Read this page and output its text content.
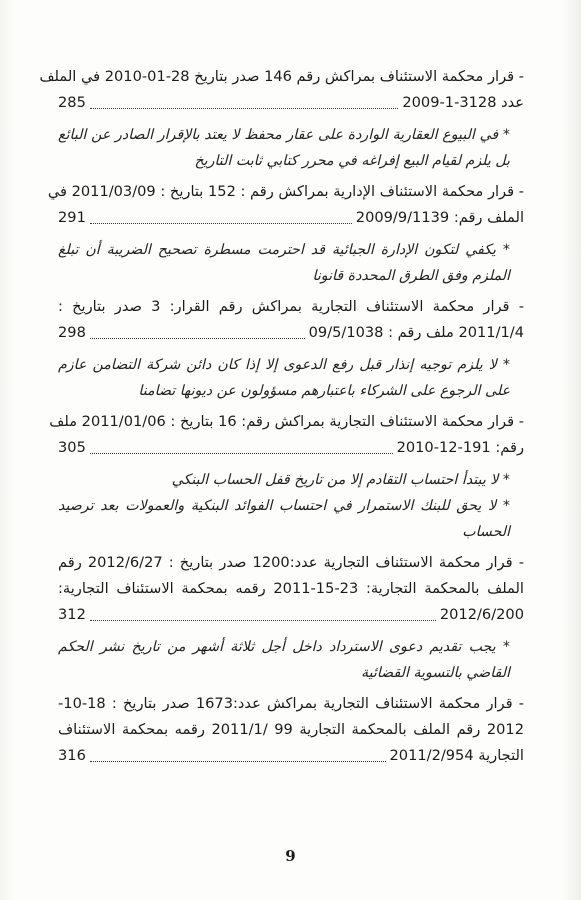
- قرار محكمة الاستئناف بمراكش رقم 146 صدر بتاريخ 28-01-2010 في الملف
عدد 3128-1-2009
285
* في البيوع العقارية الواردة على عقار محفظ لا يعتد بالإقرار الصادر عن البائع
بل يلزم لقيام البيع إفراغه في محرر كتابي ثابت التاريخ
- قرار محكمة الاستئناف الإدارية بمراكش رقم : 152 بتاريخ : 2011/03/09 في
الملف رقم: 2009/9/1139
291
* يكفي لتكون الإدارة الجبائية قد احترمت مسطرة تصحيح الضريبة أن تبلغ
الملزم وفق الطرق المحددة قانونا
- قرار محكمة الاستئناف التجارية بمراكش رقم القرار: 3 صدر بتاريخ :
2011/1/4 ملف رقم : 09/5/1038
298
* لا يلزم توجيه إنذار قبل رفع الدعوى إلا إذا كان دائن شركة التضامن عازم
على الرجوع على الشركاء باعتبارهم مسؤولون عن ديونها تضامنا
- قرار محكمة الاستئناف التجارية بمراكش رقم: 16 بتاريخ : 2011/01/06 ملف
رقم: 191-12-2010
305
* لا يبتدأ احتساب التقادم إلا من تاريخ قفل الحساب البنكي
* لا يحق للبنك الاستمرار في احتساب الفوائد البنكية والعمولات بعد ترصيد
الحساب
- قرار محكمة الاستئناف التجارية عدد:1200 صدر بتاريخ : 2012/6/27 رقم
الملف بالمحكمة التجارية: 23-15-2011 رقمه بمحكمة الاستئناف التجارية:
2012/6/200
312
* يجب تقديم دعوى الاسترداد داخل أجل ثلاثة أشهر من تاريخ نشر الحكم
القاضي بالتسوية القضائية
- قرار محكمة الاستئناف التجارية بمراكش عدد:1673 صدر بتاريخ : 18-10-
2012 رقم الملف بالمحكمة التجارية 99 /2011/1 رقمه بمحكمة الاستئناف
التجارية 2011/2/954
316
9
